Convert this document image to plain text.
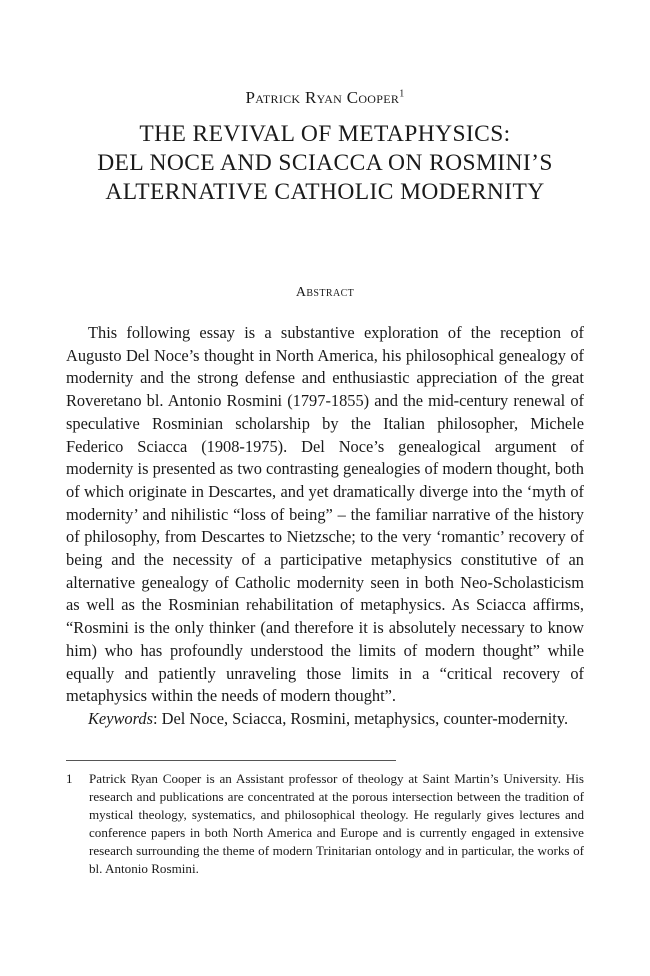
Patrick Ryan Cooper$^1$
THE REVIVAL OF METAPHYSICS:
DEL NOCE AND SCIACCA ON ROSMINI’S
ALTERNATIVE CATHOLIC MODERNITY
Abstract

This following essay is a substantive exploration of the reception of Augusto Del Noce’s thought in North America, his philosophical genealogy of modernity and the strong defense and enthusiastic appreciation of the great Roveretano bl. Antonio Rosmini (1797-1855) and the mid-century renewal of speculative Rosminian scholarship by the Italian philosopher, Michele Federico Sciacca (1908-1975). Del Noce’s genealogical argument of modernity is presented as two contrasting genealogies of modern thought, both of which originate in Descartes, and yet dramatically diverge into the ‘myth of modernity’ and nihilistic “loss of being” – the familiar narrative of the history of philosophy, from Descartes to Nietzsche; to the very ‘romantic’ recovery of being and the necessity of a participative metaphysics constitutive of an alternative genealogy of Catholic modernity seen in both Neo-Scholasticism as well as the Rosminian rehabilitation of metaphysics. As Sciacca affirms, “Rosmini is the only thinker (and therefore it is absolutely necessary to know him) who has profoundly understood the limits of modern thought” while equally and patiently unraveling those limits in a “critical recovery of metaphysics within the needs of modern thought”.

Keywords: Del Noce, Sciacca, Rosmini, metaphysics, counter-modernity.

1	Patrick Ryan Cooper is an Assistant professor of theology at Saint Martin’s University. His research and publications are concentrated at the porous intersection between the tradition of mystical theology, systematics, and philosophical theology. He regularly gives lectures and conference papers in both North America and Europe and is currently engaged in extensive research surrounding the theme of modern Trinitarian ontology and in particular, the works of bl. Antonio Rosmini.
